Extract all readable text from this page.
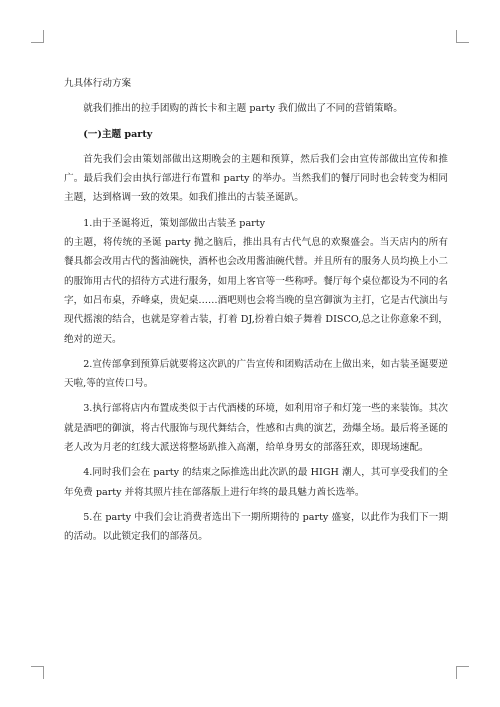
九具体行动方案

就我们推出的拉手团购的酋长卡和主题 party 我们做出了不同的营销策略。

(一)主题 party

首先我们会由策划部做出这期晚会的主题和预算，然后我们会由宣传部做出宣传和推广。最后我们会由执行部进行布置和 party 的举办。当然我们的餐厅同时也会转变为相同主题，达到格调一致的效果。如我们推出的古装圣诞趴。

1.由于圣诞将近，策划部做出古装圣 party

的主题，将传统的圣诞 party 抛之脑后，推出具有古代气息的欢聚盛会。当天店内的所有餐具都会改用古代的酱油碗快，酒杯也会改用酱油碗代替。并且所有的服务人员均换上小二的服饰用古代的招待方式进行服务，如用上客官等一些称呼。餐厅每个桌位都设为不同的名字，如吕布桌，乔峰桌，贵妃桌……酒吧则也会将当晚的皇宫御演为主打，它是古代演出与现代摇滚的结合，也就是穿着古装，打着 DJ,扮着白娘子舞着 DISCO,总之让你意象不到，绝对的逆天。

2.宣传部拿到预算后就要将这次趴的广告宣传和团购活动在上做出来，如古装圣诞要逆天啦,等的宣传口号。

3.执行部将店内布置成类似于古代酒楼的环境，如利用帘子和灯笼一些的来装饰。其次就是酒吧的御演，将古代服饰与现代舞结合，性感和古典的演艺，劲爆全场。最后将圣诞的老人改为月老的红线大派送将整场趴推入高潮，给单身男女的部落狂欢，即现场速配。

4.同时我们会在 party 的结束之际推选出此次趴的最 HIGH 潮人，其可享受我们的全年免费 party 并将其照片挂在部落版上进行年终的最具魅力酋长选举。

5.在 party 中我们会让消费者选出下一期所期待的 party 盛宴，以此作为我们下一期的活动。以此锁定我们的部落员。
